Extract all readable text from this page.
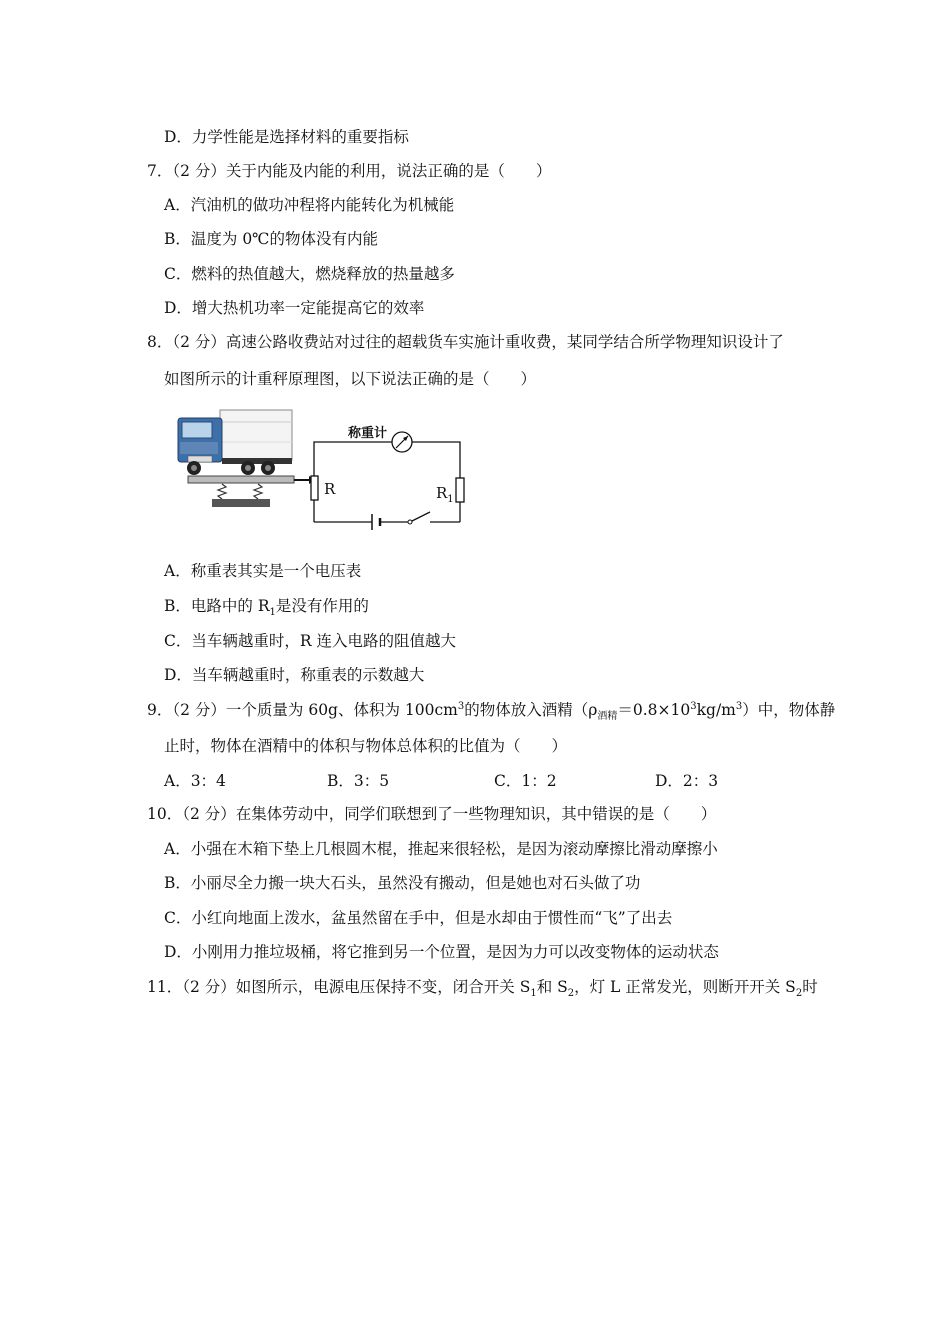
D．力学性能是选择材料的重要指标
7．（2 分）关于内能及内能的利用，说法正确的是（　　）
A．汽油机的做功冲程将内能转化为机械能
B．温度为 0℃的物体没有内能
C．燃料的热值越大，燃烧释放的热量越多
D．增大热机功率一定能提高它的效率
8．（2 分）高速公路收费站对过往的超载货车实施计重收费，某同学结合所学物理知识设计了
如图所示的计重秤原理图，以下说法正确的是（　　）
称重计
R	$R_1$
A．称重表其实是一个电压表
B．电路中的 $R_1$是没有作用的
C．当车辆越重时，R 连入电路的阻值越大
D．当车辆越重时，称重表的示数越大
9．（2 分）一个质量为 60g、体积为 $100cm^3$的物体放入酒精$(\rho_{酒精}=0.8\times 10^3kg/m^3)$中，物体静
止时，物体在酒精中的体积与物体总体积的比值为（　　）
A．3：4	B．3：5	C．1：2	D．2：3
10．（2 分）在集体劳动中，同学们联想到了一些物理知识，其中错误的是（　　）
A．小强在木箱下垫上几根圆木棍，推起来很轻松，是因为滚动摩擦比滑动摩擦小
B．小丽尽全力搬一块大石头，虽然没有搬动，但是她也对石头做了功
C．小红向地面上泼水，盆虽然留在手中，但是水却由于惯性而“飞”了出去
D．小刚用力推垃圾桶，将它推到另一个位置，是因为力可以改变物体的运动状态
11．（2 分）如图所示，电源电压保持不变，闭合开关 $S_1$和 $S_2$，灯 L 正常发光，则断开开关 $S_2$时
